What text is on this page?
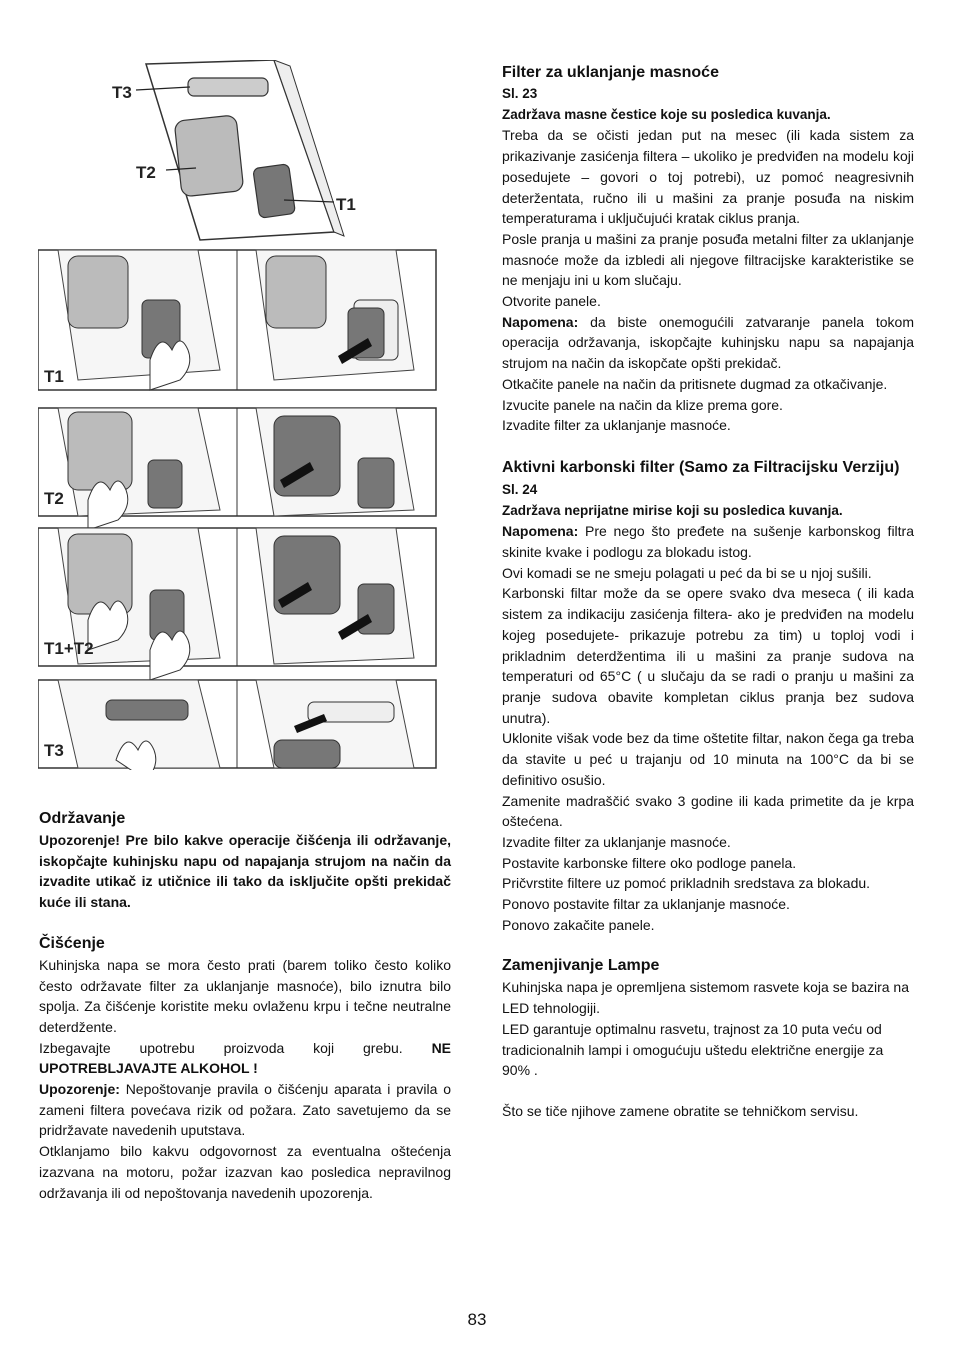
T3
T2
T1
T1
T2
T1+T2
T3
Održavanje

Upozorenje! Pre bilo kakve operacije čišćenja ili održavanje, iskopčajte kuhinjsku napu od napajanja strujom na način da izvadite utikač iz utičnice ili tako da isključite opšti prekidač kuće ili stana.

Čišćenje

Kuhinjska napa se mora često prati (barem toliko često koliko često održavate filter za uklanjanje masnoće), bilo iznutra bilo spolja. Za čišćenje koristite meku ovlaženu krpu i tečne neutralne deterdžente.

Izbegavajte upotrebu proizvoda koji grebu. NE UPOTREBLJAVAJTE ALKOHOL !

Upozorenje: Nepoštovanje pravila o čišćenju aparata i pravila o zameni filtera povećava rizik od požara. Zato savetujemo da se pridržavate navedenih uputstava.

Otklanjamo bilo kakvu odgovornost za eventualna oštećenja izazvana na motoru, požar izazvan kao posledica nepravilnog održavanja ili od nepoštovanja navedenih upozorenja.

Filter za uklanjanje masnoće

Sl. 23

Zadržava masne čestice koje su posledica kuvanja.

Treba da se očisti jedan put na mesec (ili kada sistem za prikazivanje zasićenja filtera – ukoliko je predviđen na modelu koji posedujete – govori o toj potrebi), uz pomoć neagresivnih deteržentata, ručno ili u mašini za pranje posuđa na niskim temperaturama i uključujući kratak ciklus pranja.

Posle pranja u mašini za pranje posuđa metalni filter za uklanjanje masnoće može da izbledi ali njegove filtracijske karakteristike se ne menjaju ini u kom slučaju.

Otvorite panele.

Napomena: da biste onemogućili zatvaranje panela tokom operacija održavanja, iskopčajte kuhinjsku napu sa napajanja strujom na način da iskopčate opšti prekidač.

Otkačite panele na način da pritisnete dugmad za otkačivanje.

Izvucite panele na način da klize prema gore.

Izvadite filter za uklanjanje masnoće.

Aktivni karbonski filter (Samo za Filtracijsku Verziju)

Sl. 24

Zadržava neprijatne mirise koji su posledica kuvanja.

Napomena: Pre nego što pređete na sušenje karbonskog filtra skinite kvake i podlogu za blokadu istog.

Ovi komadi se ne smeju polagati u peć da bi se u njoj sušili.

Karbonski filtar može da se opere svako dva meseca ( ili kada sistem za indikaciju zasićenja filtera- ako je predviđen na modelu kojeg posedujete- prikazuje potrebu za tim) u toploj vodi i prikladnim deterdžentima ili u mašini za pranje sudova na temperaturi od 65°C ( u slučaju da se radi o pranju u mašini za pranje sudova obavite kompletan ciklus pranja bez sudova unutra).

Uklonite višak vode bez da time oštetite filtar, nakon čega ga treba da stavite u peć u trajanju od 10 minuta na 100°C da bi se definitivo osušio.

Zamenite madraščić svako 3 godine ili kada primetite da je krpa oštećena.

Izvadite filter za uklanjanje masnoće.

Postavite karbonske filtere oko podloge panela.

Pričvrstite filtere uz pomoć prikladnih sredstava za blokadu.

Ponovo postavite filtar za uklanjanje masnoće.

Ponovo zakačite panele.

Zamenjivanje Lampe

Kuhinjska napa je opremljena sistemom rasvete koja se bazira na LED tehnologiji.

LED garantuje optimalnu rasvetu, trajnost za 10 puta veću od tradicionalnih lampi i omogućuju uštedu električne energije za 90% .

Što se tiče njihove zamene obratite se tehničkom servisu.

83
